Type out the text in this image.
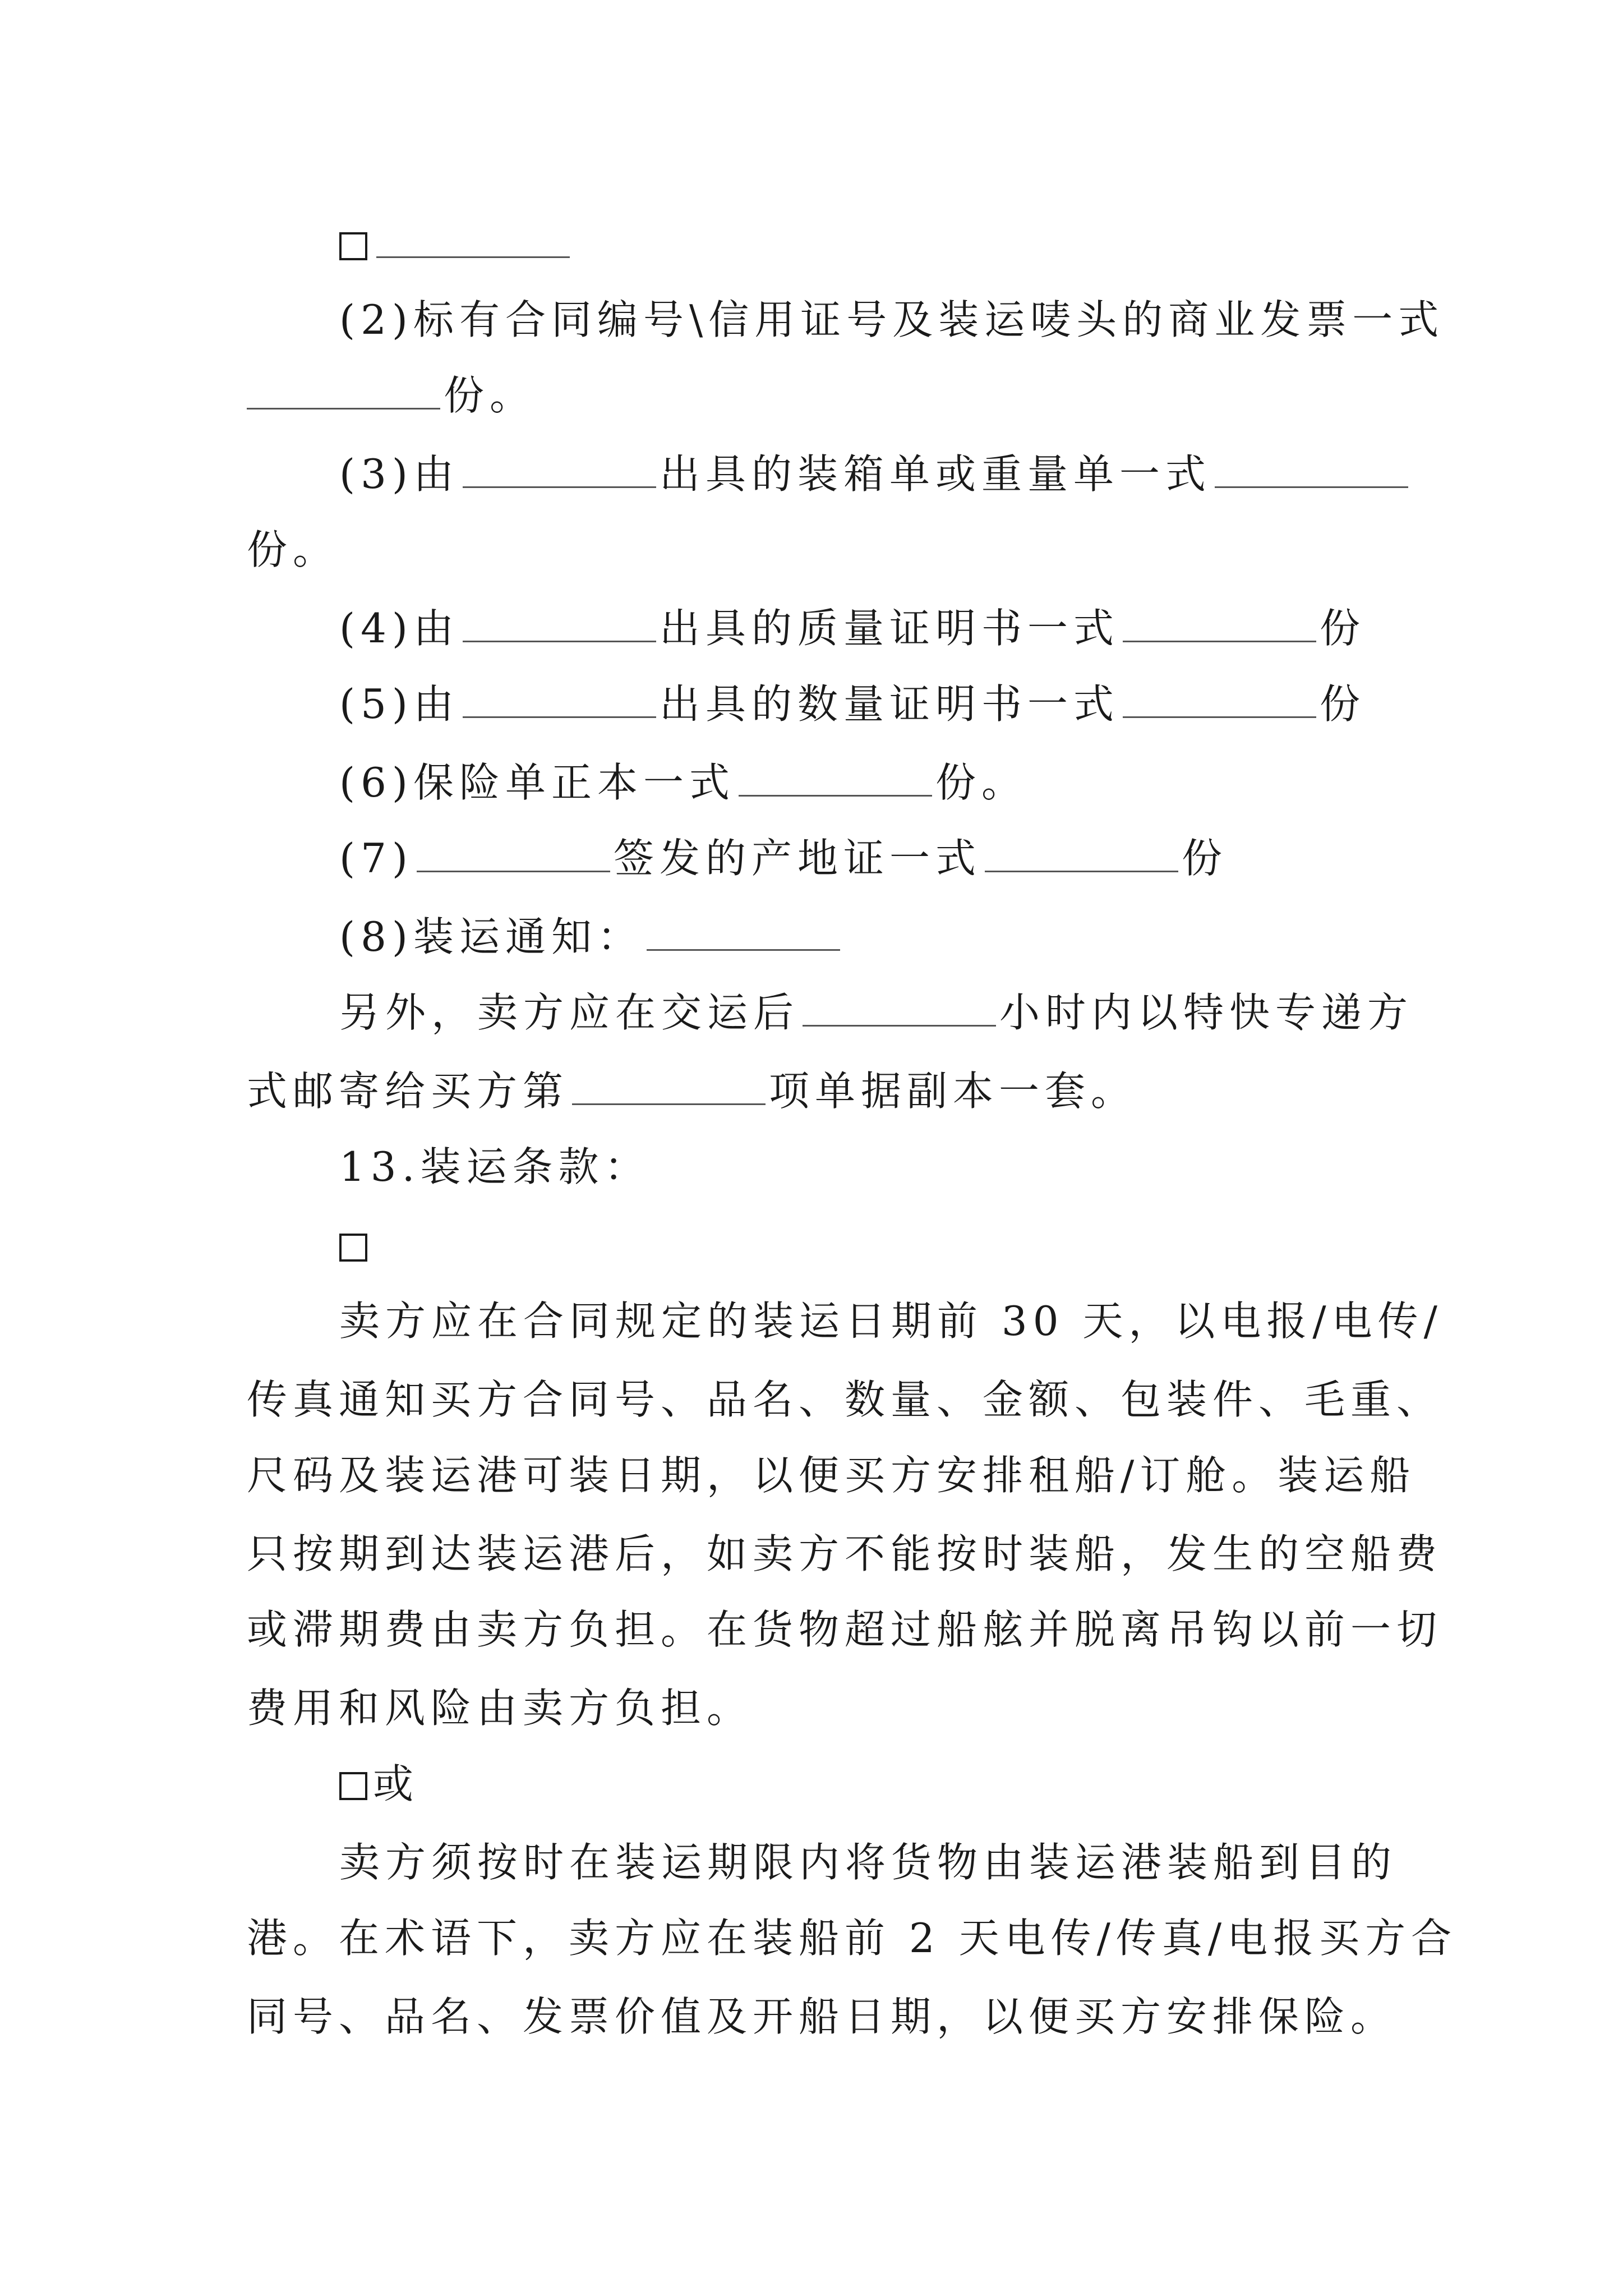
(2)标有合同编号\信用证号及装运唛头的商业发票一式
份。
(3)由	出具的装箱单或重量单一式
份。
(4)由	出具的质量证明书一式	份
(5)由	出具的数量证明书一式	份
(6)保险单正本一式	份。
(7)	签发的产地证一式	份
(8)装运通知：
另外，卖方应在交运后	小时内以特快专递方
式邮寄给买方第	项单据副本一套。
13.装运条款：
卖方应在合同规定的装运日期前 30 天，以电报/电传/
传真通知买方合同号、品名、数量、金额、包装件、毛重、
尺码及装运港可装日期，以便买方安排租船/订舱。装运船
只按期到达装运港后，如卖方不能按时装船，发生的空船费
或滞期费由卖方负担。在货物超过船舷并脱离吊钩以前一切
费用和风险由卖方负担。
或
卖方须按时在装运期限内将货物由装运港装船到目的
港。在术语下，卖方应在装船前 2 天电传/传真/电报买方合
同号、品名、发票价值及开船日期，以便买方安排保险。
